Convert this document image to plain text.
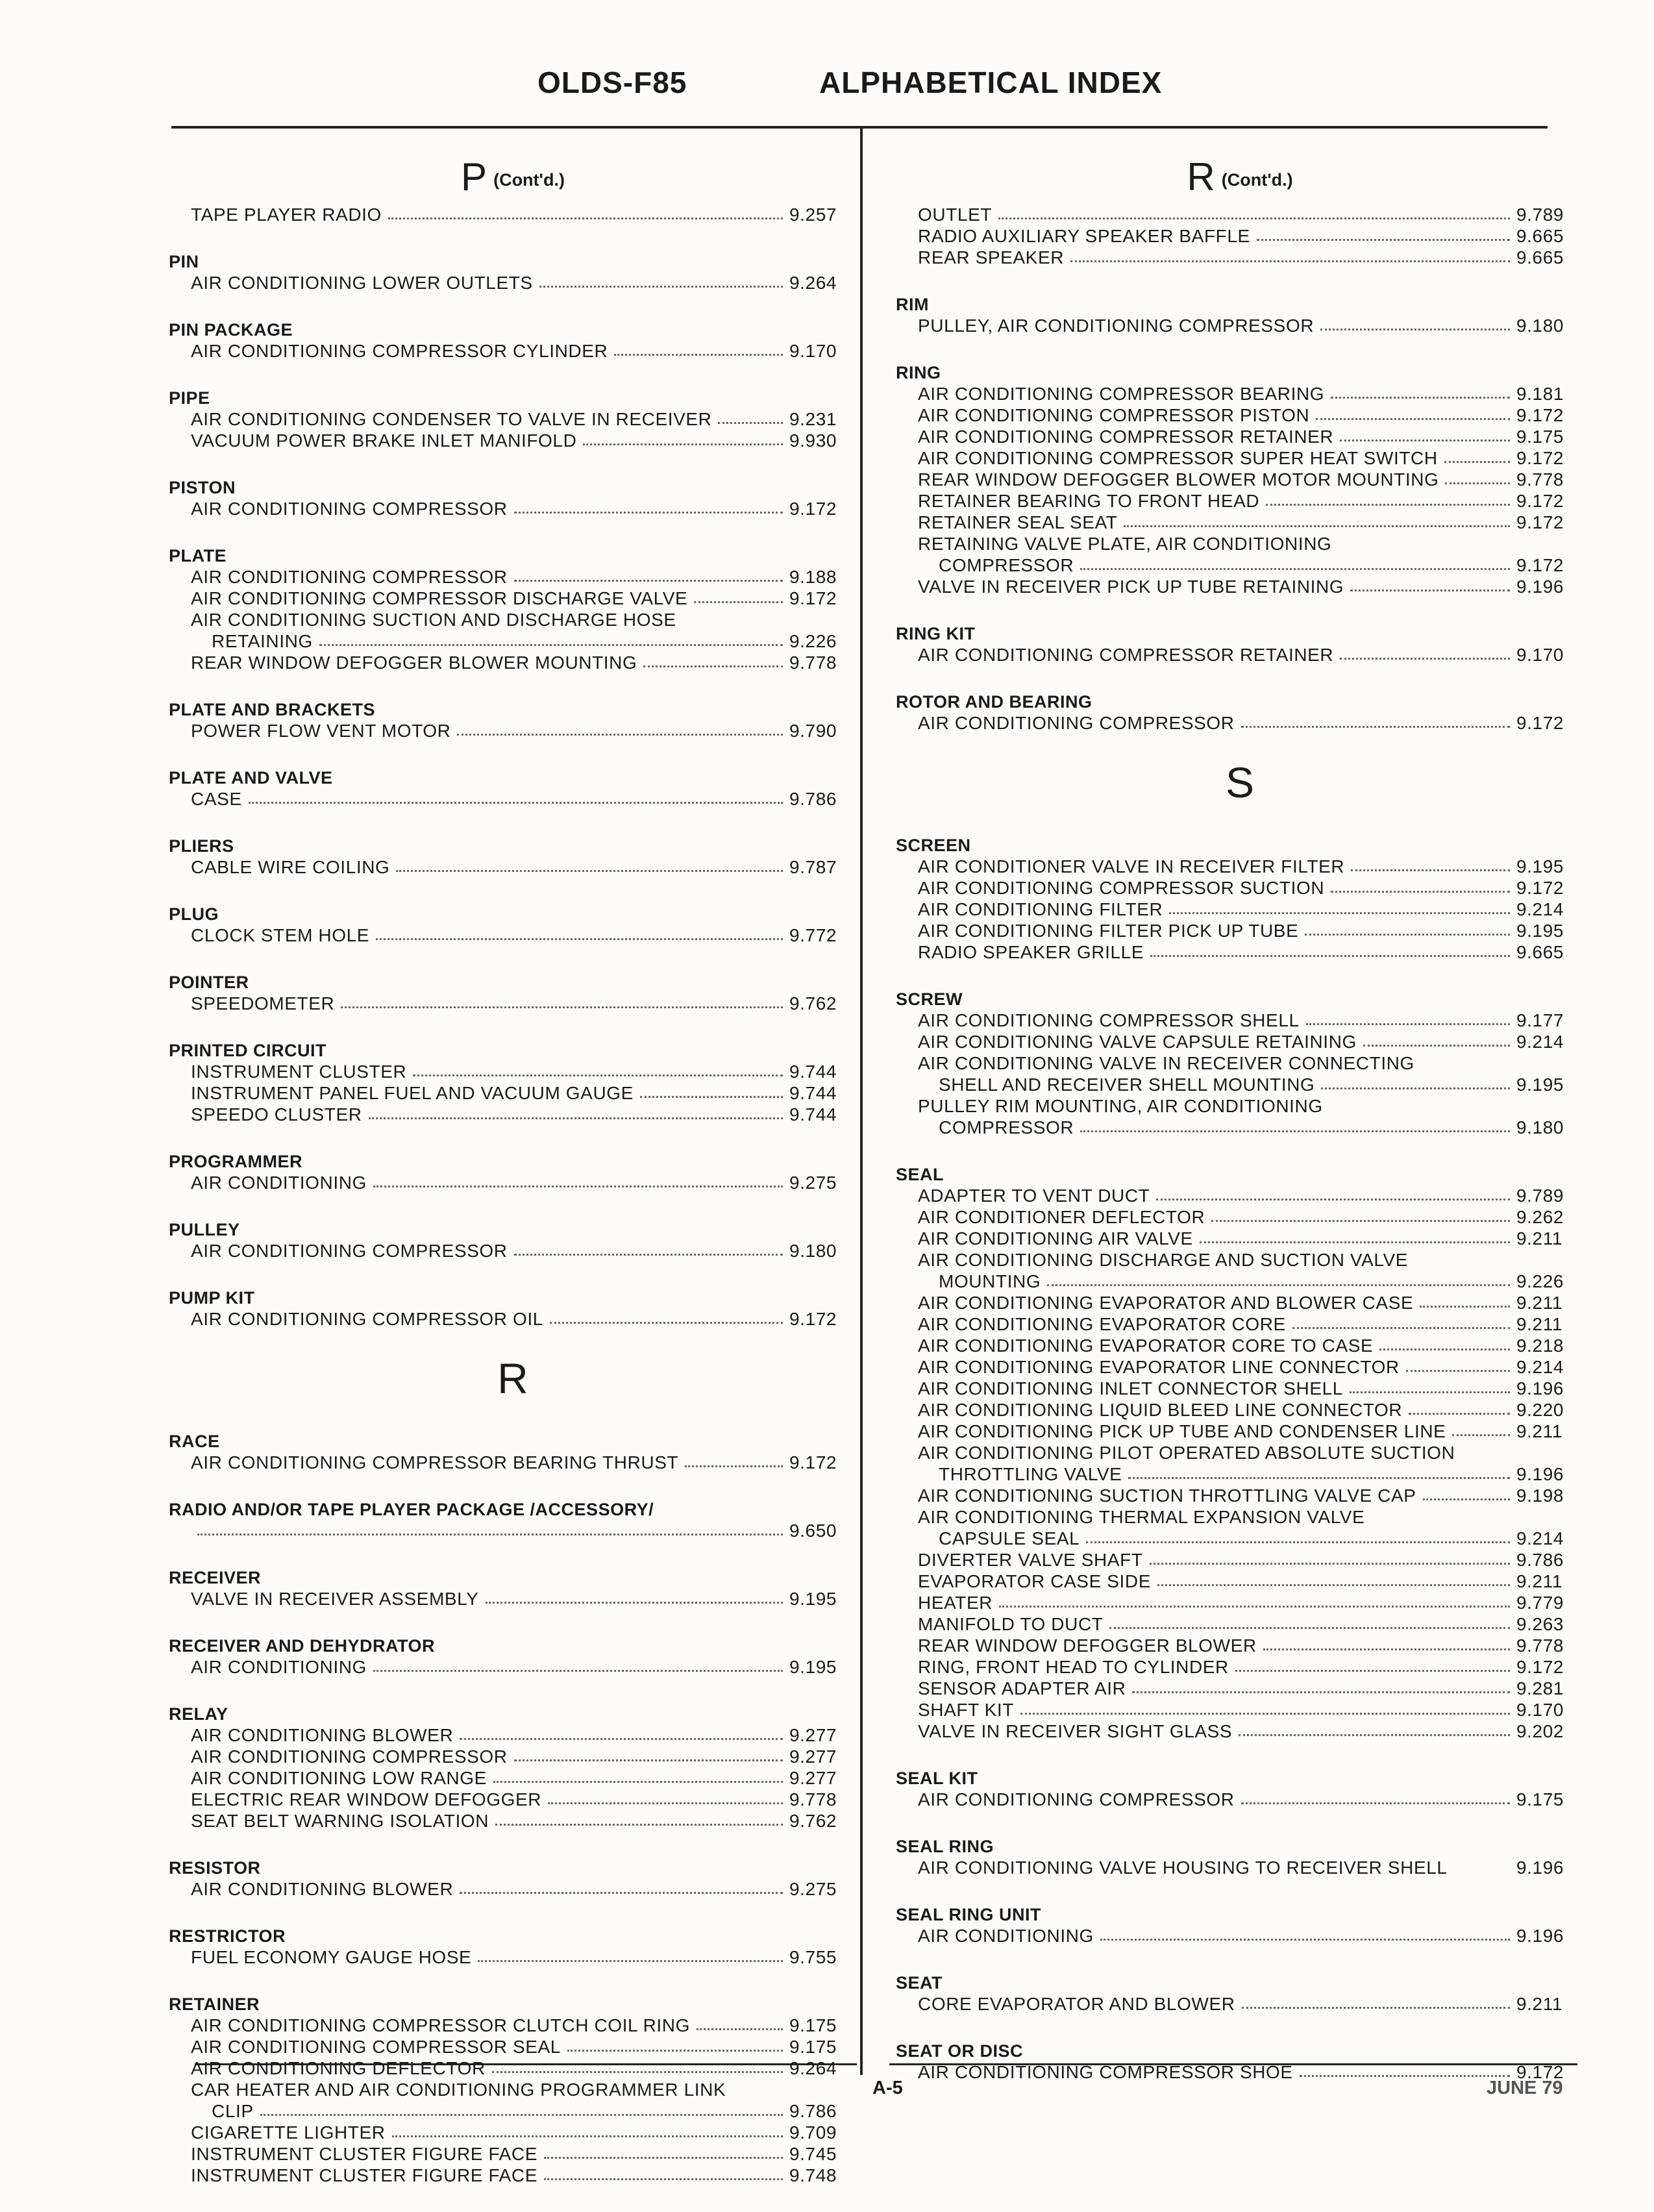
OLDS-F85	ALPHABETICAL INDEX
P (Cont'd.)
TAPE PLAYER RADIO	9.257
PIN
AIR CONDITIONING LOWER OUTLETS	9.264
PIN PACKAGE
AIR CONDITIONING COMPRESSOR CYLINDER	9.170
PIPE
AIR CONDITIONING CONDENSER TO VALVE IN RECEIVER	9.231
VACUUM POWER BRAKE INLET MANIFOLD	9.930
PISTON
AIR CONDITIONING COMPRESSOR	9.172
PLATE
AIR CONDITIONING COMPRESSOR	9.188
AIR CONDITIONING COMPRESSOR DISCHARGE VALVE	9.172
AIR CONDITIONING SUCTION AND DISCHARGE HOSE
RETAINING	9.226
REAR WINDOW DEFOGGER BLOWER MOUNTING	9.778
PLATE AND BRACKETS
POWER FLOW VENT MOTOR	9.790
PLATE AND VALVE
CASE	9.786
PLIERS
CABLE WIRE COILING	9.787
PLUG
CLOCK STEM HOLE	9.772
POINTER
SPEEDOMETER	9.762
PRINTED CIRCUIT
INSTRUMENT CLUSTER	9.744
INSTRUMENT PANEL FUEL AND VACUUM GAUGE	9.744
SPEEDO CLUSTER	9.744
PROGRAMMER
AIR CONDITIONING	9.275
PULLEY
AIR CONDITIONING COMPRESSOR	9.180
PUMP KIT
AIR CONDITIONING COMPRESSOR OIL	9.172
R
RACE
AIR CONDITIONING COMPRESSOR BEARING THRUST	9.172
RADIO AND/OR TAPE PLAYER PACKAGE /ACCESSORY/
9.650
RECEIVER
VALVE IN RECEIVER ASSEMBLY	9.195
RECEIVER AND DEHYDRATOR
AIR CONDITIONING	9.195
RELAY
AIR CONDITIONING BLOWER	9.277
AIR CONDITIONING COMPRESSOR	9.277
AIR CONDITIONING LOW RANGE	9.277
ELECTRIC REAR WINDOW DEFOGGER	9.778
SEAT BELT WARNING ISOLATION	9.762
RESISTOR
AIR CONDITIONING BLOWER	9.275
RESTRICTOR
FUEL ECONOMY GAUGE HOSE	9.755
RETAINER
AIR CONDITIONING COMPRESSOR CLUTCH COIL RING	9.175
AIR CONDITIONING COMPRESSOR SEAL	9.175
AIR CONDITIONING DEFLECTOR	9.264
CAR HEATER AND AIR CONDITIONING PROGRAMMER LINK
CLIP	9.786
CIGARETTE LIGHTER	9.709
INSTRUMENT CLUSTER FIGURE FACE	9.745
INSTRUMENT CLUSTER FIGURE FACE	9.748
R (Cont'd.)
OUTLET	9.789
RADIO AUXILIARY SPEAKER BAFFLE	9.665
REAR SPEAKER	9.665
RIM
PULLEY, AIR CONDITIONING COMPRESSOR	9.180
RING
AIR CONDITIONING COMPRESSOR BEARING	9.181
AIR CONDITIONING COMPRESSOR PISTON	9.172
AIR CONDITIONING COMPRESSOR RETAINER	9.175
AIR CONDITIONING COMPRESSOR SUPER HEAT SWITCH	9.172
REAR WINDOW DEFOGGER BLOWER MOTOR MOUNTING	9.778
RETAINER BEARING TO FRONT HEAD	9.172
RETAINER SEAL SEAT	9.172
RETAINING VALVE PLATE, AIR CONDITIONING
COMPRESSOR	9.172
VALVE IN RECEIVER PICK UP TUBE RETAINING	9.196
RING KIT
AIR CONDITIONING COMPRESSOR RETAINER	9.170
ROTOR AND BEARING
AIR CONDITIONING COMPRESSOR	9.172
S
SCREEN
AIR CONDITIONER VALVE IN RECEIVER FILTER	9.195
AIR CONDITIONING COMPRESSOR SUCTION	9.172
AIR CONDITIONING FILTER	9.214
AIR CONDITIONING FILTER PICK UP TUBE	9.195
RADIO SPEAKER GRILLE	9.665
SCREW
AIR CONDITIONING COMPRESSOR SHELL	9.177
AIR CONDITIONING VALVE CAPSULE RETAINING	9.214
AIR CONDITIONING VALVE IN RECEIVER CONNECTING
SHELL AND RECEIVER SHELL MOUNTING	9.195
PULLEY RIM MOUNTING, AIR CONDITIONING
COMPRESSOR	9.180
SEAL
ADAPTER TO VENT DUCT	9.789
AIR CONDITIONER DEFLECTOR	9.262
AIR CONDITIONING AIR VALVE	9.211
AIR CONDITIONING DISCHARGE AND SUCTION VALVE
MOUNTING	9.226
AIR CONDITIONING EVAPORATOR AND BLOWER CASE	9.211
AIR CONDITIONING EVAPORATOR CORE	9.211
AIR CONDITIONING EVAPORATOR CORE TO CASE	9.218
AIR CONDITIONING EVAPORATOR LINE CONNECTOR	9.214
AIR CONDITIONING INLET CONNECTOR SHELL	9.196
AIR CONDITIONING LIQUID BLEED LINE CONNECTOR	9.220
AIR CONDITIONING PICK UP TUBE AND CONDENSER LINE	9.211
AIR CONDITIONING PILOT OPERATED ABSOLUTE SUCTION
THROTTLING VALVE	9.196
AIR CONDITIONING SUCTION THROTTLING VALVE CAP	9.198
AIR CONDITIONING THERMAL EXPANSION VALVE
CAPSULE SEAL	9.214
DIVERTER VALVE SHAFT	9.786
EVAPORATOR CASE SIDE	9.211
HEATER	9.779
MANIFOLD TO DUCT	9.263
REAR WINDOW DEFOGGER BLOWER	9.778
RING, FRONT HEAD TO CYLINDER	9.172
SENSOR ADAPTER AIR	9.281
SHAFT KIT	9.170
VALVE IN RECEIVER SIGHT GLASS	9.202
SEAL KIT
AIR CONDITIONING COMPRESSOR	9.175
SEAL RING
AIR CONDITIONING VALVE HOUSING TO RECEIVER SHELL	9.196
SEAL RING UNIT
AIR CONDITIONING	9.196
SEAT
CORE EVAPORATOR AND BLOWER	9.211
SEAT OR DISC
AIR CONDITIONING COMPRESSOR SHOE	9.172
A-5	JUNE 79
